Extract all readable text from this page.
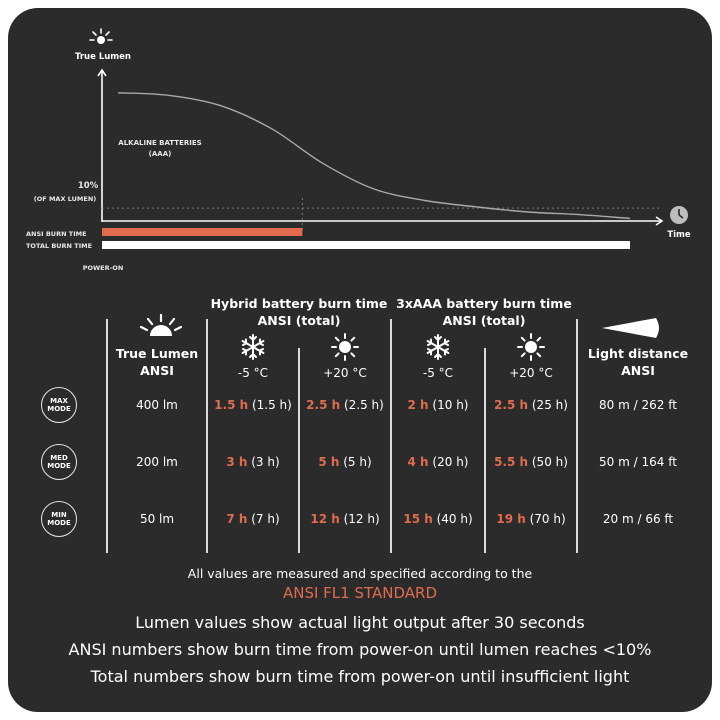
True Lumen
ALKALINE BATTERIES
(AAA)
10%
(OF MAX LUMEN)
Time
ANSI BURN TIME
TOTAL BURN TIME
POWER-ON
Hybrid battery burn time
ANSI (total)
3xAAA battery burn time
ANSI (total)
True Lumen
ANSI	-5 °C	+20 °C	-5 °C	+20 °C
Light distance
ANSI
MAX
MODE	400 lm	1.5 h (1.5 h)	2.5 h (2.5 h)	2 h (10 h)	2.5 h (25 h)	80 m / 262 ft
MED
MODE	200 lm	3 h (3 h)	5 h (5 h)	4 h (20 h)	5.5 h (50 h)	50 m / 164 ft
MIN
MODE	50 lm	7 h (7 h)	12 h (12 h)	15 h (40 h)	19 h (70 h)	20 m / 66 ft
All values are measured and specified according to the
ANSI FL1 STANDARD
Lumen values show actual light output after 30 seconds
ANSI numbers show burn time from power-on until lumen reaches <10%
Total numbers show burn time from power-on until insufficient light
